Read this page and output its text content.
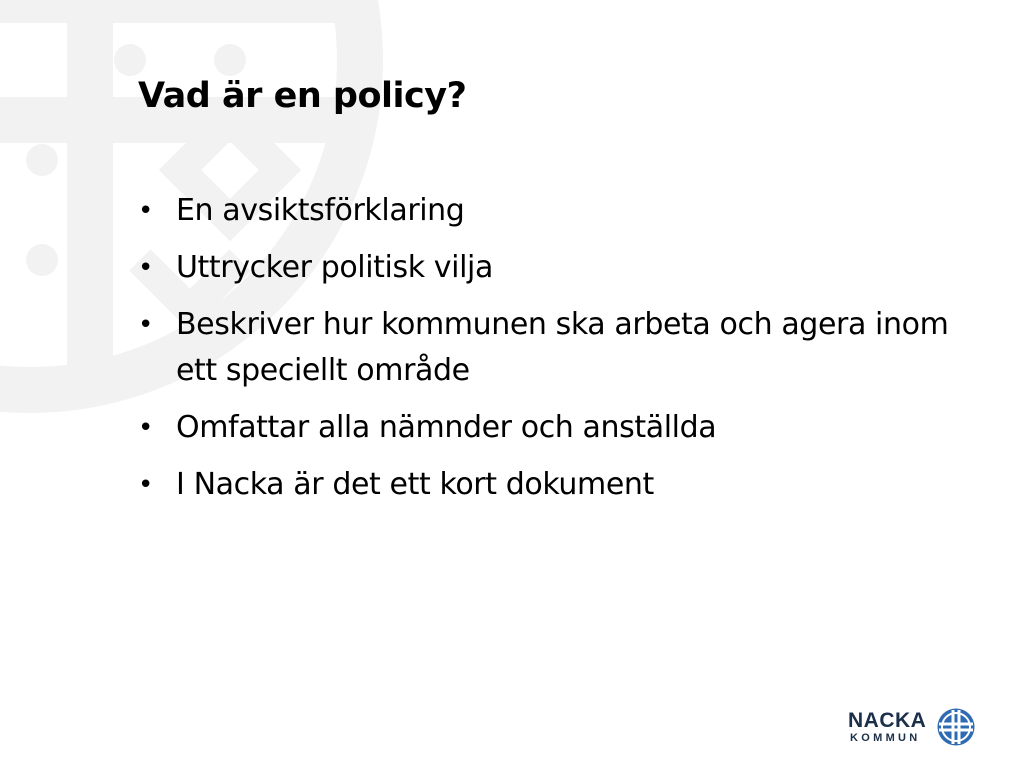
Vad är en policy?
• En avsiktsförklaring
• Uttrycker politisk vilja
• Beskriver hur kommunen ska arbeta och agera inom ett speciellt område
• Omfattar alla nämnder och anställda
• I Nacka är det ett kort dokument
NACKA
KOMMUN
